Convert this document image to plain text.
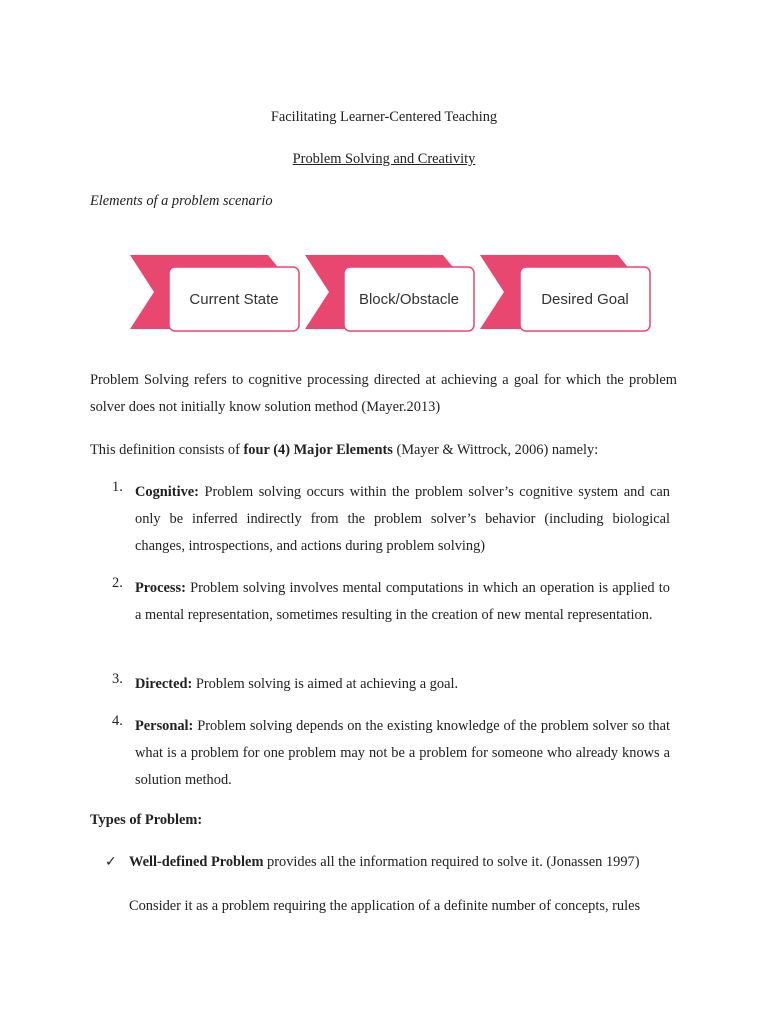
Facilitating Learner-Centered Teaching
Problem Solving and Creativity
Elements of a problem scenario
Current State	Block/Obstacle	Desired Goal
Problem Solving refers to cognitive processing directed at achieving a goal for which the problem solver does not initially know solution method (Mayer.2013)
This definition consists of four (4) Major Elements (Mayer & Wittrock, 2006) namely:
1. Cognitive: Problem solving occurs within the problem solver’s cognitive system and can only be inferred indirectly from the problem solver’s behavior (including biological changes, introspections, and actions during problem solving)
2. Process: Problem solving involves mental computations in which an operation is applied to a mental representation, sometimes resulting in the creation of new mental representation.
3. Directed: Problem solving is aimed at achieving a goal.
4. Personal: Problem solving depends on the existing knowledge of the problem solver so that what is a problem for one problem may not be a problem for someone who already knows a solution method.
Types of Problem:
✓ Well-defined Problem provides all the information required to solve it. (Jonassen 1997)
Consider it as a problem requiring the application of a definite number of concepts, rules
